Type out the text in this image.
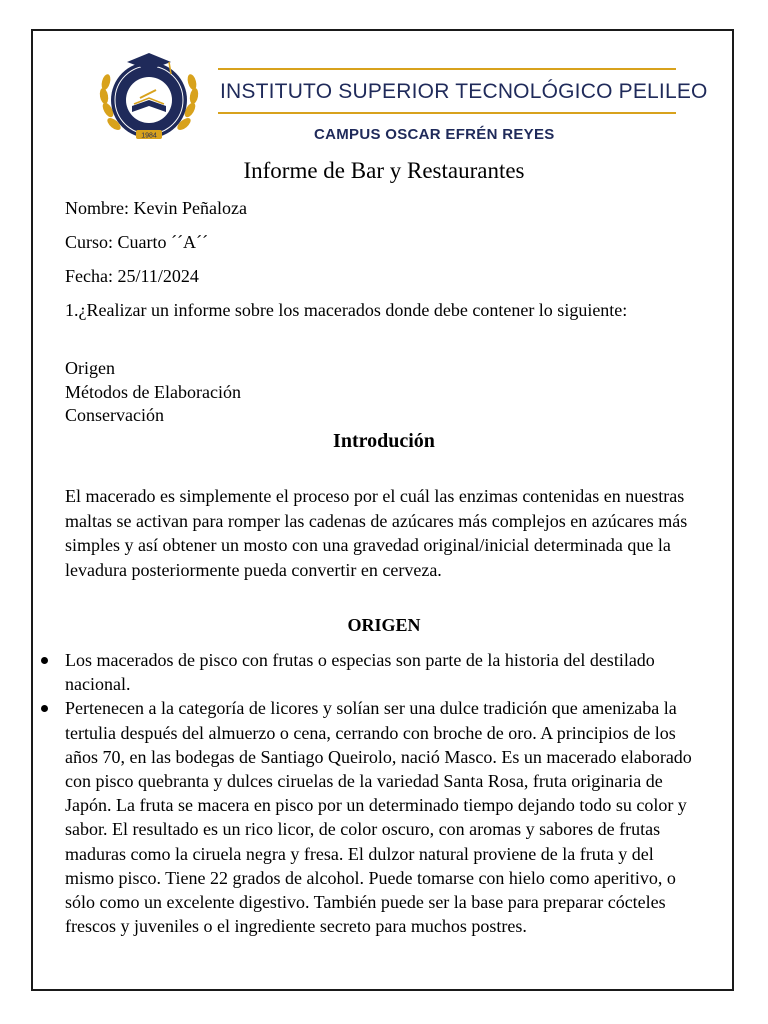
1984
INSTITUTO SUPERIOR TECNOLÓGICO PELILEO
CAMPUS OSCAR EFRÉN REYES
Informe de Bar y Restaurantes
Nombre: Kevin Peñaloza
Curso: Cuarto ´´A´´
Fecha: 25/11/2024
1.¿Realizar un informe sobre los macerados donde debe contener lo siguiente:
Origen
Métodos de Elaboración
Conservación
Introdución
El macerado es simplemente el proceso por el cuál las enzimas contenidas en nuestras maltas se activan para romper las cadenas de azúcares más complejos en azúcares más simples y así obtener un mosto con una gravedad original/inicial determinada que la levadura posteriormente pueda convertir en cerveza.
ORIGEN
Los macerados de pisco con frutas o especias son parte de la historia del destilado nacional.
Pertenecen a la categoría de licores y solían ser una dulce tradición que amenizaba la tertulia después del almuerzo o cena, cerrando con broche de oro. A principios de los años 70, en las bodegas de Santiago Queirolo, nació Masco. Es un macerado elaborado con pisco quebranta y dulces ciruelas de la variedad Santa Rosa, fruta originaria de Japón. La fruta se macera en pisco por un determinado tiempo dejando todo su color y sabor. El resultado es un rico licor, de color oscuro, con aromas y sabores de frutas maduras como la ciruela negra y fresa. El dulzor natural proviene de la fruta y del mismo pisco. Tiene 22 grados de alcohol. Puede tomarse con hielo como aperitivo, o sólo como un excelente digestivo. También puede ser la base para preparar cócteles frescos y juveniles o el ingrediente secreto para muchos postres.
